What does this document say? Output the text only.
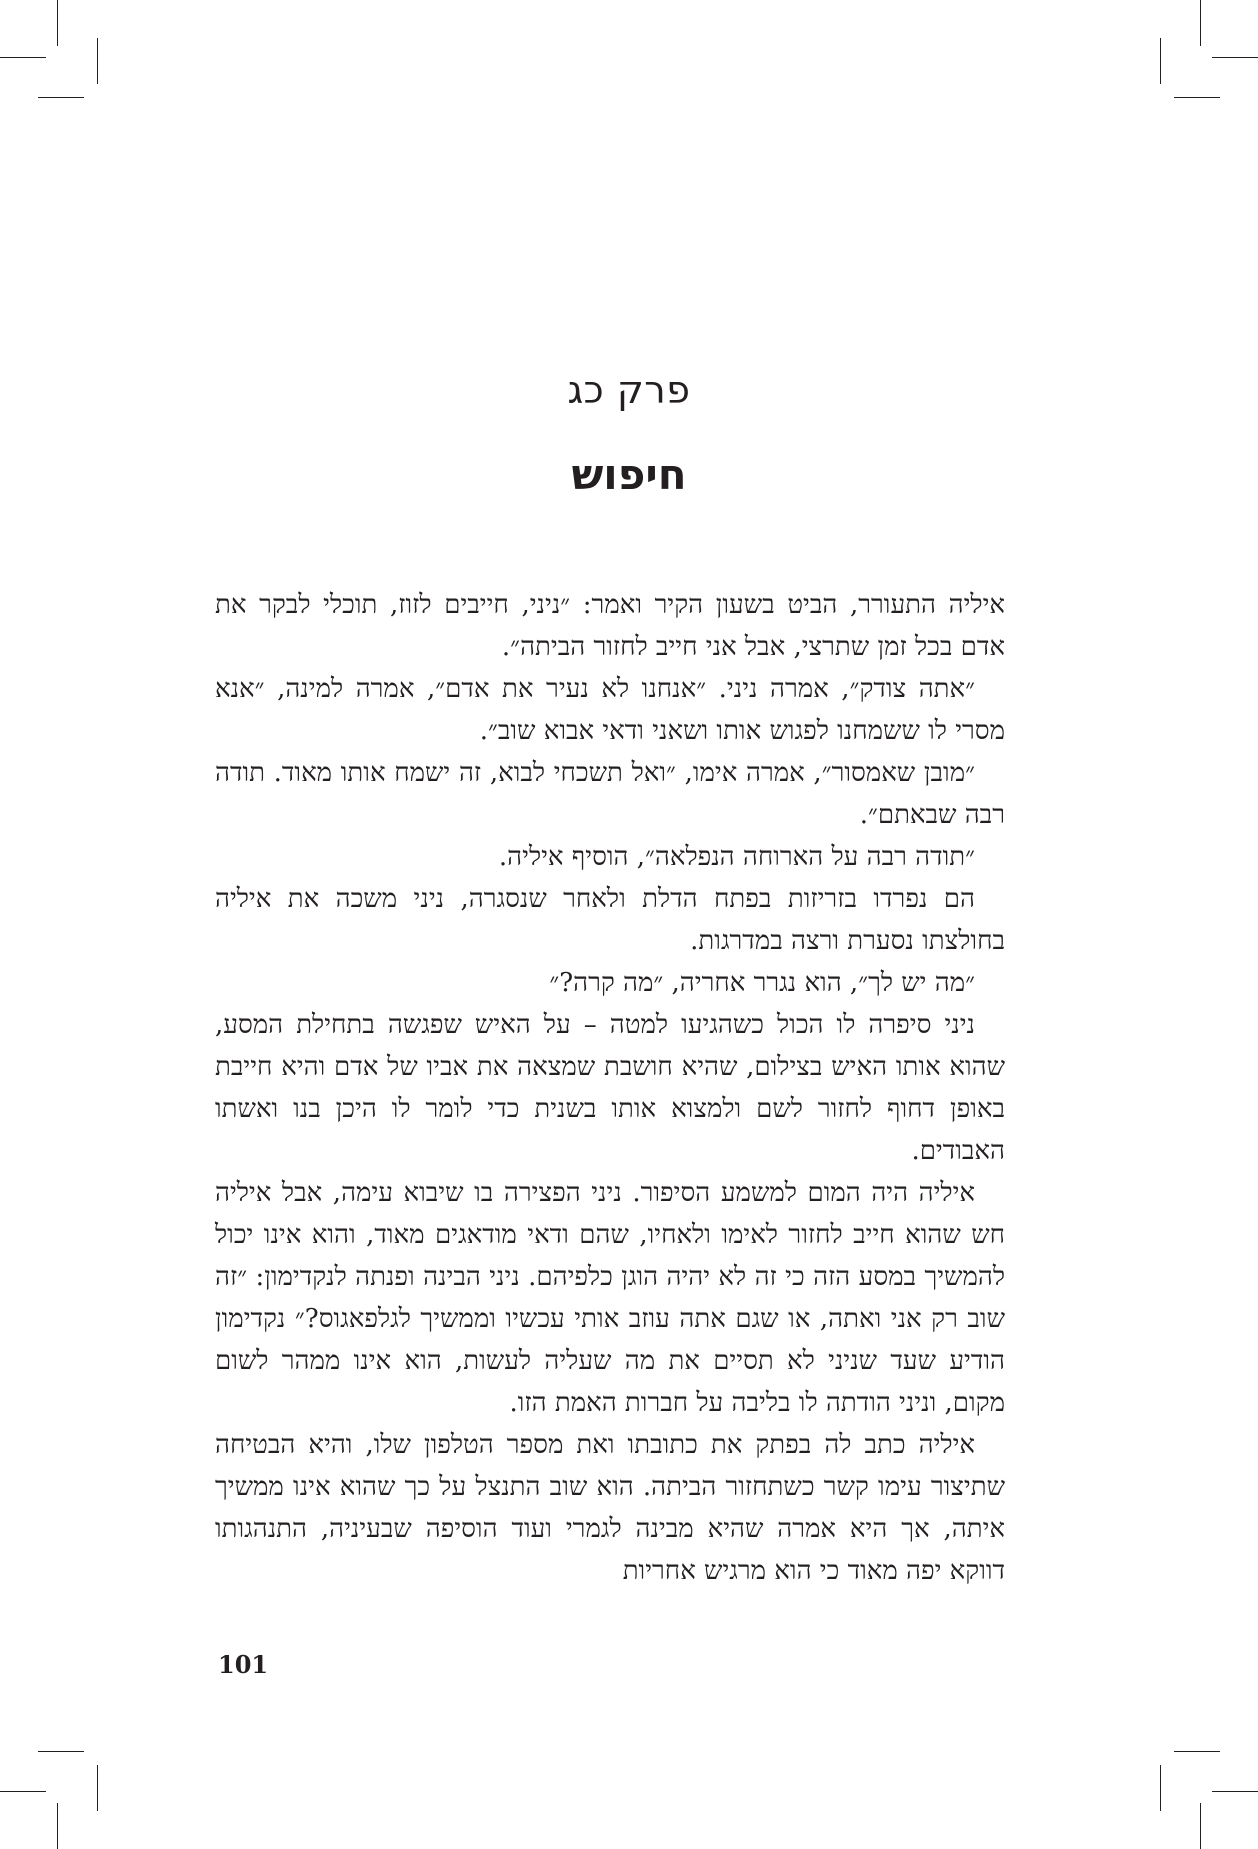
פרק כג
חיפוש

איליה התעורר, הביט בשעון הקיר ואמר: ״ניני, חייבים לזוז, תוכלי לבקר את אדם בכל זמן שתרצי, אבל אני חייב לחזור הביתה״.

״אתה צודק״, אמרה ניני. ״אנחנו לא נעיר את אדם״, אמרה למינה, ״אנא מסרי לו ששמחנו לפגוש אותו ושאני ודאי אבוא שוב״.

״מובן שאמסור״, אמרה אימו, ״ואל תשכחי לבוא, זה ישמח אותו מאוד. תודה רבה שבאתם״.

״תודה רבה על הארוחה הנפלאה״, הוסיף איליה.

הם נפרדו בזריזות בפתח הדלת ולאחר שנסגרה, ניני משכה את איליה בחולצתו נסערת ורצה במדרגות.

״מה יש לך״, הוא נגרר אחריה, ״מה קרה?״

ניני סיפרה לו הכול כשהגיעו למטה – על האיש שפגשה בתחילת המסע, שהוא אותו האיש בצילום, שהיא חושבת שמצאה את אביו של אדם והיא חייבת באופן דחוף לחזור לשם ולמצוא אותו בשנית כדי לומר לו היכן בנו ואשתו האבודים.

איליה היה המום למשמע הסיפור. ניני הפצירה בו שיבוא עימה, אבל איליה חש שהוא חייב לחזור לאימו ולאחיו, שהם ודאי מודאגים מאוד, והוא אינו יכול להמשיך במסע הזה כי זה לא יהיה הוגן כלפיהם. ניני הבינה ופנתה לנקדימון: ״זה שוב רק אני ואתה, או שגם אתה עוזב אותי עכשיו וממשיך לגלפאגוס?״ נקדימון הודיע שעד שניני לא תסיים את מה שעליה לעשות, הוא אינו ממהר לשום מקום, וניני הודתה לו בליבה על חברות האמת הזו.

איליה כתב לה בפתק את כתובתו ואת מספר הטלפון שלו, והיא הבטיחה שתיצור עימו קשר כשתחזור הביתה. הוא שוב התנצל על כך שהוא אינו ממשיך איתה, אך היא אמרה שהיא מבינה לגמרי ועוד הוסיפה שבעיניה, התנהגותו דווקא יפה מאוד כי הוא מרגיש אחריות

101
